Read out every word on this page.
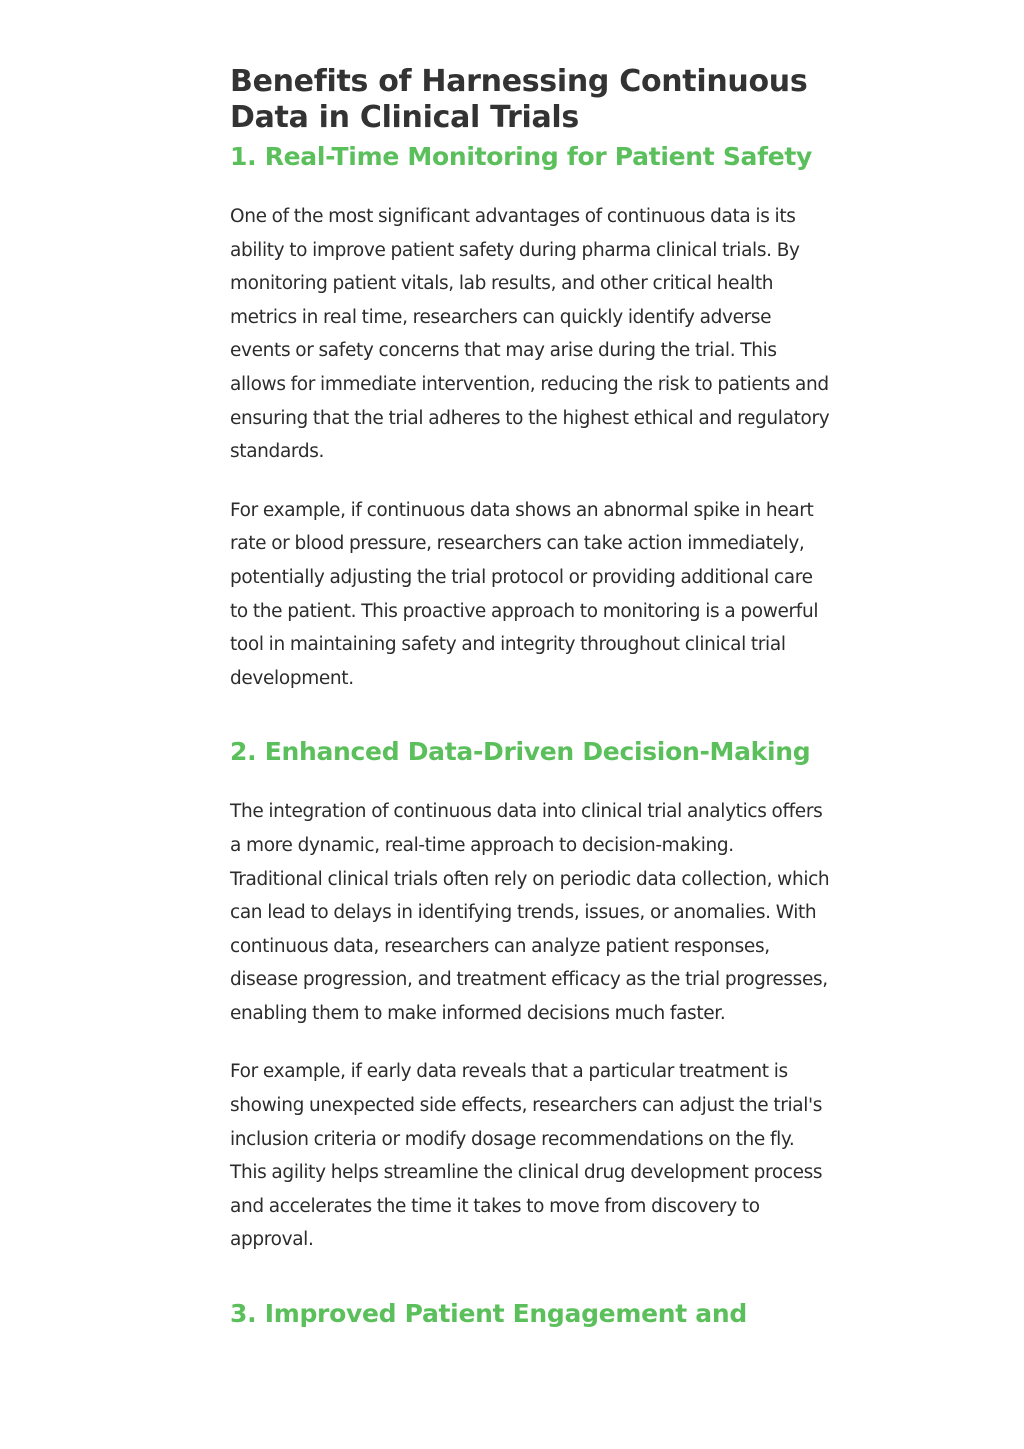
Benefits of Harnessing Continuous Data in Clinical Trials
1. Real-Time Monitoring for Patient Safety

One of the most significant advantages of continuous data is its ability to improve patient safety during pharma clinical trials. By monitoring patient vitals, lab results, and other critical health metrics in real time, researchers can quickly identify adverse events or safety concerns that may arise during the trial. This allows for immediate intervention, reducing the risk to patients and ensuring that the trial adheres to the highest ethical and regulatory standards.

For example, if continuous data shows an abnormal spike in heart rate or blood pressure, researchers can take action immediately, potentially adjusting the trial protocol or providing additional care to the patient. This proactive approach to monitoring is a powerful tool in maintaining safety and integrity throughout clinical trial development.

2. Enhanced Data-Driven Decision-Making

The integration of continuous data into clinical trial analytics offers a more dynamic, real-time approach to decision-making. Traditional clinical trials often rely on periodic data collection, which can lead to delays in identifying trends, issues, or anomalies. With continuous data, researchers can analyze patient responses, disease progression, and treatment efficacy as the trial progresses, enabling them to make informed decisions much faster.

For example, if early data reveals that a particular treatment is showing unexpected side effects, researchers can adjust the trial's inclusion criteria or modify dosage recommendations on the fly. This agility helps streamline the clinical drug development process and accelerates the time it takes to move from discovery to approval.

3. Improved Patient Engagement and
